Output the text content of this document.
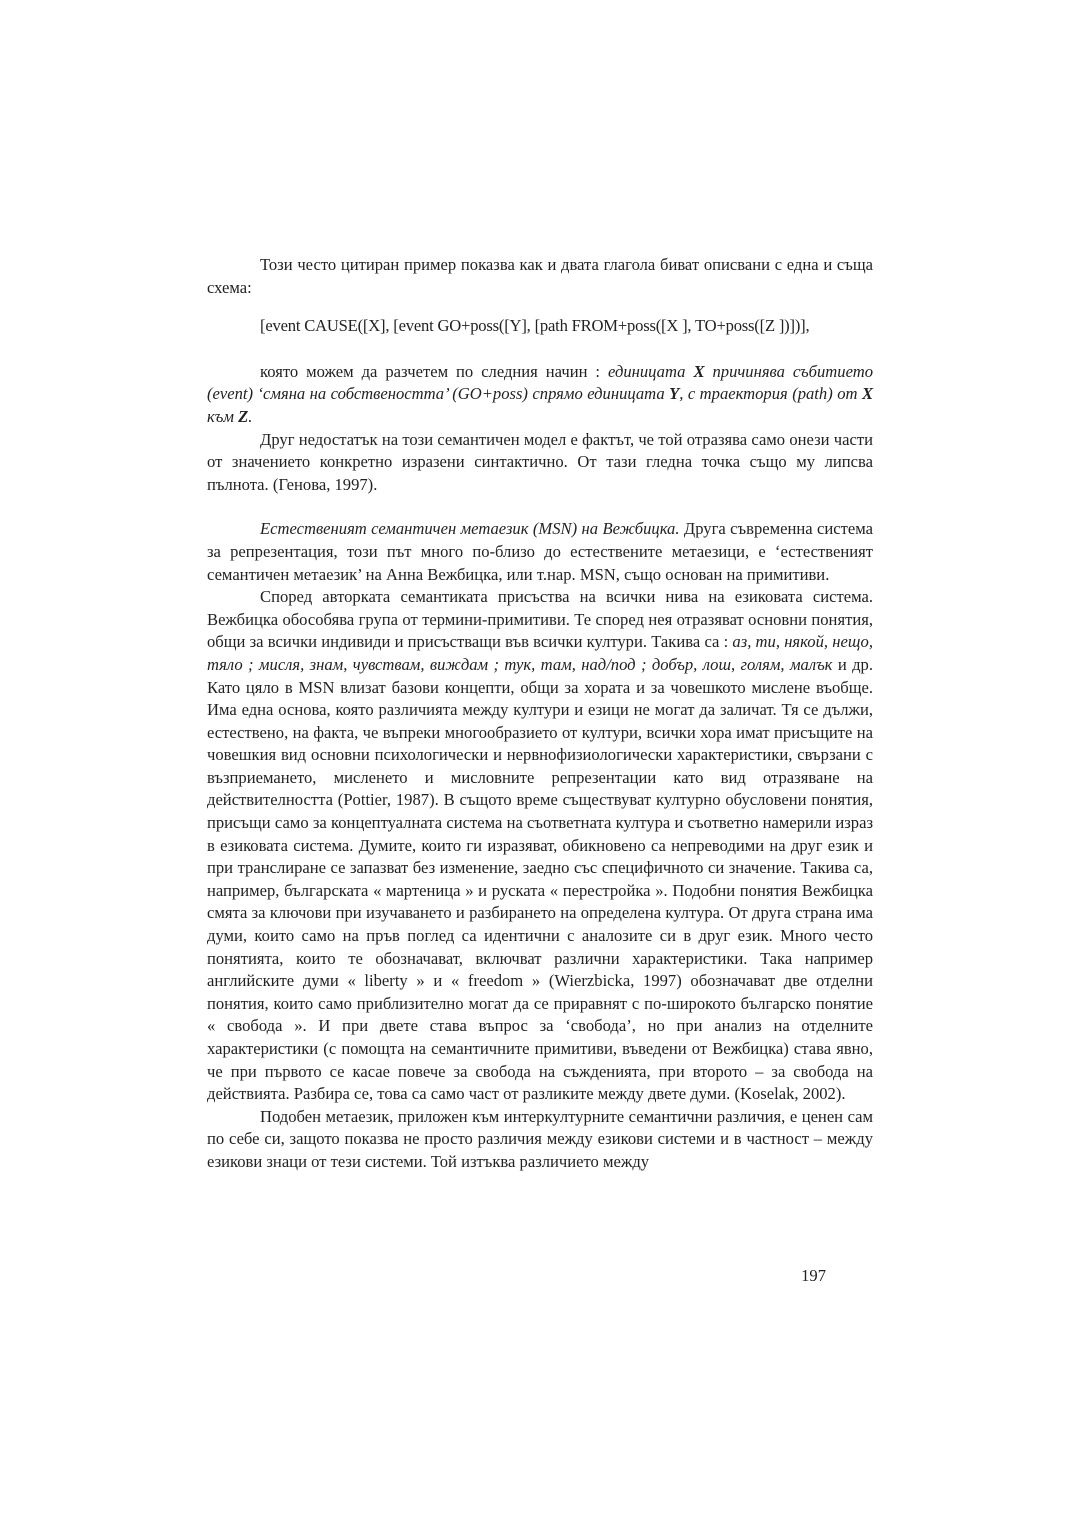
Този често цитиран пример показва как и двата глагола биват описвани с една и съща схема:

[event CAUSE([X], [event GO+poss([Y], [path FROM+poss([X ], TO+poss([Z ])])],

която можем да разчетем по следния начин : единицата X причинява събитието (event) ‘смяна на собствеността’ (GO+poss) спрямо единицата Y, с траектория (path) от X към Z.

Друг недостатък на този семантичен модел е фактът, че той отразява само онези части от значението конкретно изразени синтактично. От тази гледна точка също му липсва пълнота. (Генова, 1997).

Естественият семантичен метаезик (MSN) на Вежбицка. Друга съвременна система за репрезентация, този път много по-близо до естествените метаезици, е ‘естественият семантичен метаезик’ на Анна Вежбицка, или т.нар. MSN, също основан на примитиви.

Според авторката семантиката присъства на всички нива на езиковата система. Вежбицка обособява група от термини-примитиви. Те според нея отразяват основни понятия, общи за всички индивиди и присъстващи във всички култури. Такива са : аз, ти, някой, нещо, тяло ; мисля, знам, чувствам, виждам ; тук, там, над/под ; добър, лош, голям, малък и др. Като цяло в MSN влизат базови концепти, общи за хората и за човешкото мислене въобще. Има една основа, която различията между култури и езици не могат да заличат. Тя се дължи, естествено, на факта, че въпреки многообразието от култури, всички хора имат присъщите на човешкия вид основни психологически и нервнофизиологически характеристики, свързани с възприемането, мисленето и мисловните репрезентации като вид отразяване на действителността (Pottier, 1987). В същото време съществуват културно обусловени понятия, присъщи само за концептуалната система на съответната култура и съответно намерили израз в езиковата система. Думите, които ги изразяват, обикновено са непреводими на друг език и при транслиране се запазват без изменение, заедно със специфичното си значение. Такива са, например, българската « мартеница » и руската « перестройка ». Подобни понятия Вежбицка смята за ключови при изучаването и разбирането на определена култура. От друга страна има думи, които само на пръв поглед са идентични с аналозите си в друг език. Много често понятията, които те обозначават, включват различни характеристики. Така например английските думи « liberty » и « freedom » (Wierzbicka, 1997) обозначават две отделни понятия, които само приблизително могат да се приравнят с по-широкото българско понятие « свобода ». И при двете става въпрос за ‘свобода’, но при анализ на отделните характеристики (с помощта на семантичните примитиви, въведени от Вежбицка) става явно, че при първото се касае повече за свобода на съжденията, при второто – за свобода на действията. Разбира се, това са само част от разликите между двете думи. (Koselak, 2002).

Подобен метаезик, приложен към интеркултурните семантични различия, е ценен сам по себе си, защото показва не просто различия между езикови системи и в частност – между езикови знаци от тези системи. Той изтъква различието между

197
